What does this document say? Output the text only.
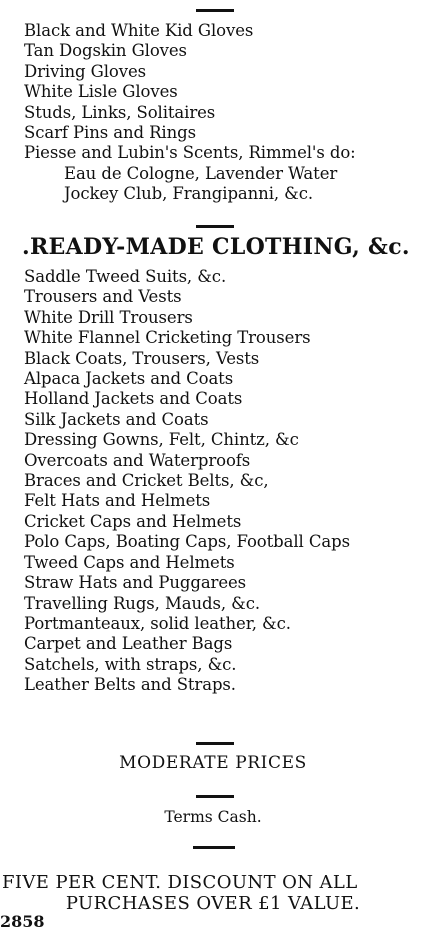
Black and White Kid Gloves
Tan Dogskin Gloves
Driving Gloves
White Lisle Gloves
Studs, Links, Solitaires
Scarf Pins and Rings
Piesse and Lubin's Scents, Rimmel's do:
Eau de Cologne, Lavender Water
Jockey Club, Frangipanni, &c.
.READY-MADE CLOTHING, &c.
Saddle Tweed Suits, &c.
Trousers and Vests
White Drill Trousers
White Flannel Cricketing Trousers
Black Coats, Trousers, Vests
Alpaca Jackets and Coats
Holland Jackets and Coats
Silk Jackets and Coats
Dressing Gowns, Felt, Chintz, &c
Overcoats and Waterproofs
Braces and Cricket Belts, &c,
Felt Hats and Helmets
Cricket Caps and Helmets
Polo Caps, Boating Caps, Football Caps
Tweed Caps and Helmets
Straw Hats and Puggarees
Travelling Rugs, Mauds, &c.
Portmanteaux, solid leather, &c.
Carpet and Leather Bags
Satchels, with straps, &c.
Leather Belts and Straps.
MODERATE PRICES
Terms Cash.
FIVE PER CENT. DISCOUNT ON ALL
PURCHASES OVER £1 VALUE.
2858
